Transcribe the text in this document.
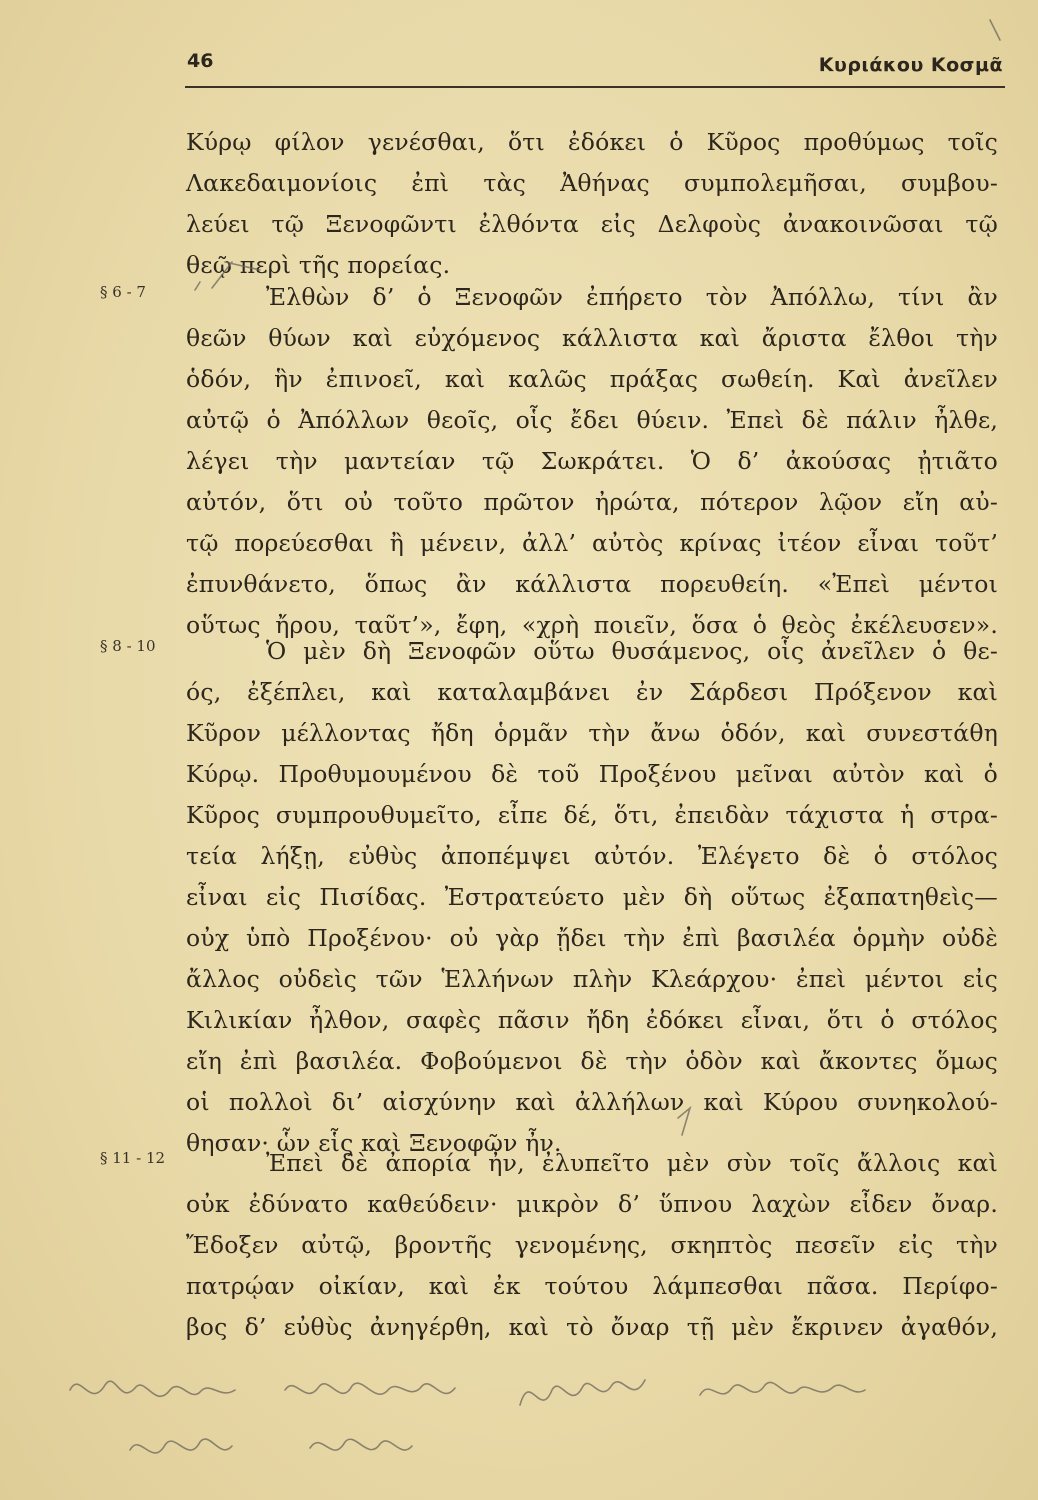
46	Κυριάκου Κοσμᾶ
§ 6 - 7
§ 8 - 10
§ 11 - 12
Κύρῳ φίλον γενέσθαι, ὅτι ἐδόκει ὁ Κῦρος προθύμως τοῖς
Λακεδαιμονίοις ἐπὶ τὰς Ἀθήνας συμπολεμῆσαι, συμβου-
λεύει τῷ Ξενοφῶντι ἐλθόντα εἰς Δελφοὺς ἀνακοινῶσαι τῷ
θεῷ περὶ τῆς πορείας.
Ἐλθὼν δ’ ὁ Ξενοφῶν ἐπήρετο τὸν Ἀπόλλω, τίνι ἂν
θεῶν θύων καὶ εὐχόμενος κάλλιστα καὶ ἄριστα ἔλθοι τὴν
ὁδόν, ἣν ἐπινοεῖ, καὶ καλῶς πράξας σωθείη. Καὶ ἀνεῖλεν
αὐτῷ ὁ Ἀπόλλων θεοῖς, οἷς ἔδει θύειν. Ἐπεὶ δὲ πάλιν ἦλθε,
λέγει τὴν μαντείαν τῷ Σωκράτει. Ὁ δ’ ἀκούσας ᾐτιᾶτο
αὐτόν, ὅτι οὐ τοῦτο πρῶτον ἠρώτα, πότερον λῷον εἴη αὐ-
τῷ πορεύεσθαι ἢ μένειν, ἀλλ’ αὐτὸς κρίνας ἰτέον εἶναι τοῦτ’
ἐπυνθάνετο, ὅπως ἂν κάλλιστα πορευθείη. «Ἐπεὶ μέντοι
οὕτως ἤρου, ταῦτ’», ἔφη, «χρὴ ποιεῖν, ὅσα ὁ θεὸς ἐκέλευσεν».
Ὁ μὲν δὴ Ξενοφῶν οὕτω θυσάμενος, οἷς ἀνεῖλεν ὁ θε-
ός, ἐξέπλει, καὶ καταλαμβάνει ἐν Σάρδεσι Πρόξενον καὶ
Κῦρον μέλλοντας ἤδη ὁρμᾶν τὴν ἄνω ὁδόν, καὶ συνεστάθη
Κύρῳ. Προθυμουμένου δὲ τοῦ Προξένου μεῖναι αὐτὸν καὶ ὁ
Κῦρος συμπρουθυμεῖτο, εἶπε δέ, ὅτι, ἐπειδὰν τάχιστα ἡ στρα-
τεία λήξῃ, εὐθὺς ἀποπέμψει αὐτόν. Ἐλέγετο δὲ ὁ στόλος
εἶναι εἰς Πισίδας. Ἐστρατεύετο μὲν δὴ οὕτως ἐξαπατηθεὶς—
οὐχ ὑπὸ Προξένου· οὐ γὰρ ᾔδει τὴν ἐπὶ βασιλέα ὁρμὴν οὐδὲ
ἄλλος οὐδεὶς τῶν Ἑλλήνων πλὴν Κλεάρχου· ἐπεὶ μέντοι εἰς
Κιλικίαν ἦλθον, σαφὲς πᾶσιν ἤδη ἐδόκει εἶναι, ὅτι ὁ στόλος
εἴη ἐπὶ βασιλέα. Φοβούμενοι δὲ τὴν ὁδὸν καὶ ἄκοντες ὅμως
οἱ πολλοὶ δι’ αἰσχύνην καὶ ἀλλήλων καὶ Κύρου συνηκολού-
θησαν· ὧν εἷς καὶ Ξενοφῶν ἦν.
Ἐπεὶ δὲ ἀπορία ἦν, ἐλυπεῖτο μὲν σὺν τοῖς ἄλλοις καὶ
οὐκ ἐδύνατο καθεύδειν· μικρὸν δ’ ὕπνου λαχὼν εἶδεν ὄναρ.
Ἔδοξεν αὐτῷ, βροντῆς γενομένης, σκηπτὸς πεσεῖν εἰς τὴν
πατρῴαν οἰκίαν, καὶ ἐκ τούτου λάμπεσθαι πᾶσα. Περίφο-
βος δ’ εὐθὺς ἀνηγέρθη, καὶ τὸ ὄναρ τῇ μὲν ἔκρινεν ἀγαθόν,
